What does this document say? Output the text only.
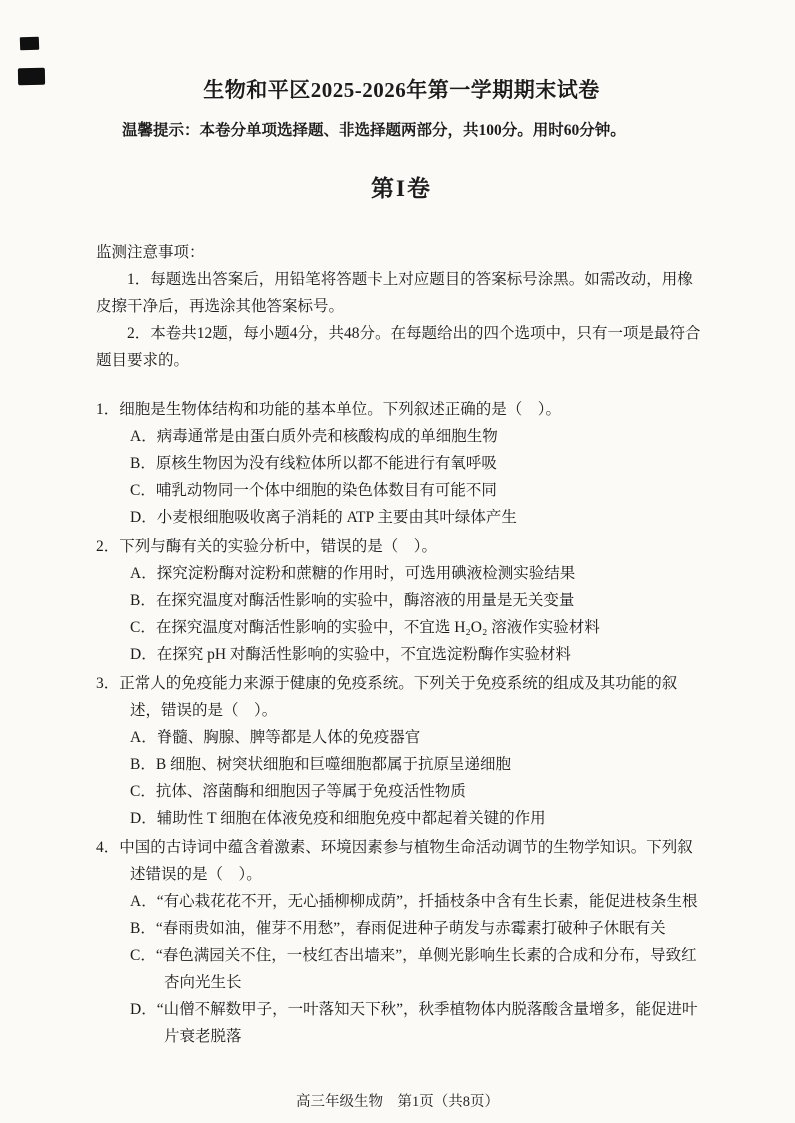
生物和平区2025-2026年第一学期期末试卷
温馨提示：本卷分单项选择题、非选择题两部分，共100分。用时60分钟。
第I卷
监测注意事项：
1．每题选出答案后，用铅笔将答题卡上对应题目的答案标号涂黑。如需改动，用橡皮擦干净后，再选涂其他答案标号。
2．本卷共12题，每小题4分，共48分。在每题给出的四个选项中，只有一项是最符合题目要求的。
1．细胞是生物体结构和功能的基本单位。下列叙述正确的是（　）。
A．病毒通常是由蛋白质外壳和核酸构成的单细胞生物
B．原核生物因为没有线粒体所以都不能进行有氧呼吸
C．哺乳动物同一个体中细胞的染色体数目有可能不同
D．小麦根细胞吸收离子消耗的 ATP 主要由其叶绿体产生
2．下列与酶有关的实验分析中，错误的是（　）。
A．探究淀粉酶对淀粉和蔗糖的作用时，可选用碘液检测实验结果
B．在探究温度对酶活性影响的实验中，酶溶液的用量是无关变量
C．在探究温度对酶活性影响的实验中，不宜选 H₂O₂ 溶液作实验材料
D．在探究 pH 对酶活性影响的实验中，不宜选淀粉酶作实验材料
3．正常人的免疫能力来源于健康的免疫系统。下列关于免疫系统的组成及其功能的叙述，错误的是（　）。
A．脊髓、胸腺、脾等都是人体的免疫器官
B．B 细胞、树突状细胞和巨噬细胞都属于抗原呈递细胞
C．抗体、溶菌酶和细胞因子等属于免疫活性物质
D．辅助性 T 细胞在体液免疫和细胞免疫中都起着关键的作用
4．中国的古诗词中蕴含着激素、环境因素参与植物生命活动调节的生物学知识。下列叙述错误的是（　）。
A．“有心栽花花不开，无心插柳柳成荫”，扦插枝条中含有生长素，能促进枝条生根
B．“春雨贵如油，催芽不用愁”，春雨促进种子萌发与赤霉素打破种子休眠有关
C．“春色满园关不住，一枝红杏出墙来”，单侧光影响生长素的合成和分布，导致红杏向光生长
D．“山僧不解数甲子，一叶落知天下秋”，秋季植物体内脱落酸含量增多，能促进叶片衰老脱落
高三年级生物　第1页（共8页）
